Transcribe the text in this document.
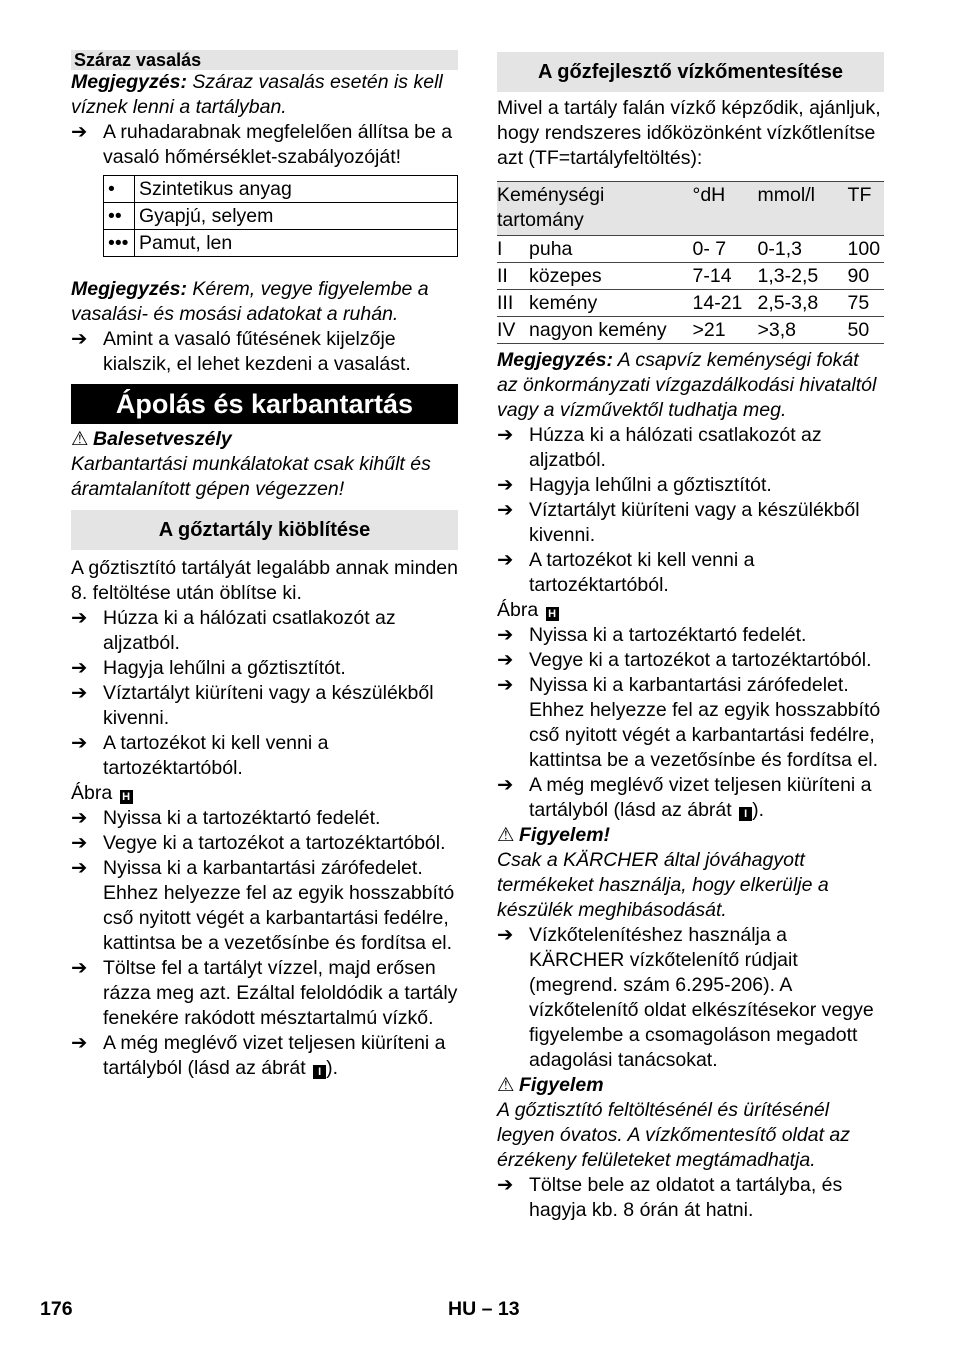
Száraz vasalás

Megjegyzés: Száraz vasalás esetén is kell víznek lenni a tartályban.

➔ A ruhadarabnak megfelelően állítsa be a vasaló hőmérséklet-szabályozóját!
•	Szintetikus anyag
••	Gyapjú, selyem
•••	Pamut, len

Megjegyzés: Kérem, vegye figyelembe a vasalási- és mosási adatokat a ruhán.

➔ Amint a vasaló fűtésének kijelzője kialszik, el lehet kezdeni a vasalást.
Ápolás és karbantartás

⚠ Balesetveszély

Karbantartási munkálatokat csak kihűlt és áramtalanított gépen végezzen!

A gőztartály kiöblítése

A gőztisztító tartályát legalább annak minden 8. feltöltése után öblítse ki.

➔ Húzza ki a hálózati csatlakozót az aljzatból.
➔ Hagyja lehűlni a gőztisztítót.
➔ Víztartályt kiüríteni vagy a készülékből kivenni.
➔ A tartozékot ki kell venni a tartozéktartóból.

Ábra H

➔ Nyissa ki a tartozéktartó fedelét.
➔ Vegye ki a tartozékot a tartozéktartóból.
➔ Nyissa ki a karbantartási zárófedelet. Ehhez helyezze fel az egyik hosszabbító cső nyitott végét a karbantartási fedélre, kattintsa be a vezetősínbe és fordítsa el.
➔ Töltse fel a tartályt vízzel, majd erősen rázza meg azt. Ezáltal feloldódik a tartály fenekére rakódott mésztartalmú vízkő.
➔ A még meglévő vizet teljesen kiüríteni a tartályból (lásd az ábrát I ).
A gőzfejlesztő vízkőmentesítése

Mivel a tartály falán vízkő képződik, ajánljuk, hogy rendszeres időközönként vízkőtlenítse azt (TF=tartályfeltöltés):

Keménységi tartomány		°dH	mmol/l	TF
I	puha	0- 7	0-1,3	100
II	közepes	7-14	1,3-2,5	90
III	kemény	14-21	2,5-3,8	75
IV	nagyon kemény	>21	>3,8	50

Megjegyzés: A csapvíz keménységi fokát az önkormányzati vízgazdálkodási hivataltól vagy a vízművektől tudhatja meg.

➔ Húzza ki a hálózati csatlakozót az aljzatból.
➔ Hagyja lehűlni a gőztisztítót.
➔ Víztartályt kiüríteni vagy a készülékből kivenni.
➔ A tartozékot ki kell venni a tartozéktartóból.

Ábra H

➔ Nyissa ki a tartozéktartó fedelét.
➔ Vegye ki a tartozékot a tartozéktartóból.
➔ Nyissa ki a karbantartási zárófedelet. Ehhez helyezze fel az egyik hosszabbító cső nyitott végét a karbantartási fedélre, kattintsa be a vezetősínbe és fordítsa el.
➔ A még meglévő vizet teljesen kiüríteni a tartályból (lásd az ábrát I ).

⚠ Figyelem!

Csak a KÄRCHER által jóváhagyott termékeket használja, hogy elkerülje a készülék meghibásodását.

➔ Vízkőtelenítéshez használja a KÄRCHER vízkőtelenítő rúdjait (megrend. szám 6.295-206). A vízkőtelenítő oldat elkészítésekor vegye figyelembe a csomagoláson megadott adagolási tanácsokat.

⚠ Figyelem

A gőztisztító feltöltésénél és ürítésénél legyen óvatos. A vízkőmentesítő oldat az érzékeny felületeket megtámadhatja.

➔ Töltse bele az oldatot a tartályba, és hagyja kb. 8 órán át hatni.
176	HU – 13
